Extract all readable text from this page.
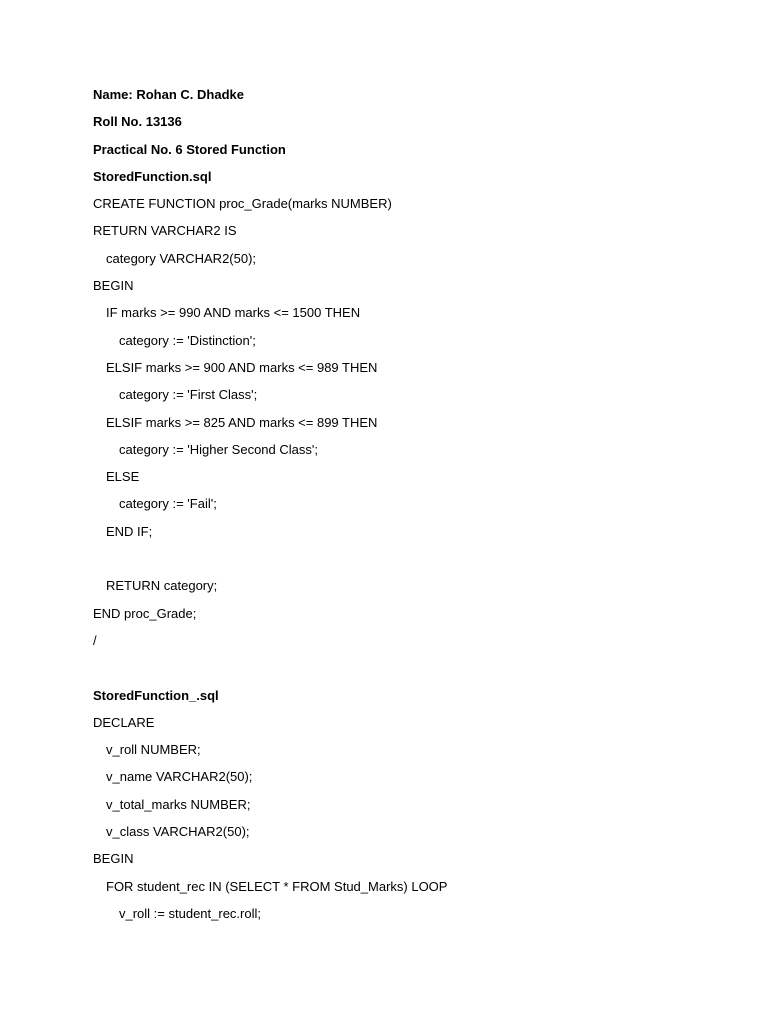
Name: Rohan C. Dhadke
Roll No. 13136
Practical No. 6 Stored Function
StoredFunction.sql
CREATE FUNCTION proc_Grade(marks NUMBER)
RETURN VARCHAR2 IS
category VARCHAR2(50);
BEGIN
IF marks >= 990 AND marks <= 1500 THEN
category := 'Distinction';
ELSIF marks >= 900 AND marks <= 989 THEN
category := 'First Class';
ELSIF marks >= 825 AND marks <= 899 THEN
category := 'Higher Second Class';
ELSE
category := 'Fail';
END IF;
RETURN category;
END proc_Grade;
/
StoredFunction_.sql
DECLARE
v_roll NUMBER;
v_name VARCHAR2(50);
v_total_marks NUMBER;
v_class VARCHAR2(50);
BEGIN
FOR student_rec IN (SELECT * FROM Stud_Marks) LOOP
v_roll := student_rec.roll;
